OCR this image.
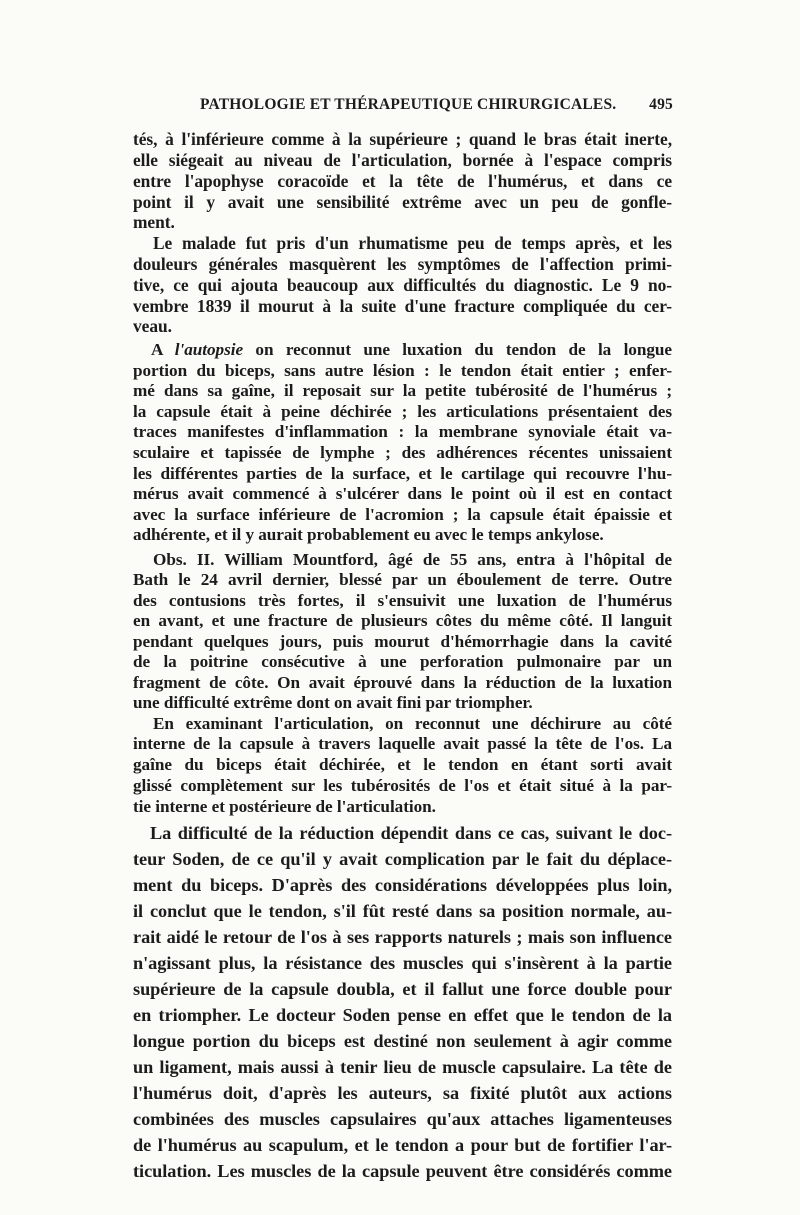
PATHOLOGIE ET THÉRAPEUTIQUE CHIRURGICALES. 495
tés, à l'inférieure comme à la supérieure ; quand le bras était inerte,
elle siégeait au niveau de l'articulation, bornée à l'espace compris
entre l'apophyse coracoïde et la tête de l'humérus, et dans ce
point il y avait une sensibilité extrême avec un peu de gonfle-
ment.
Le malade fut pris d'un rhumatisme peu de temps après, et les
douleurs générales masquèrent les symptômes de l'affection primi-
tive, ce qui ajouta beaucoup aux difficultés du diagnostic. Le 9 no-
vembre 1839 il mourut à la suite d'une fracture compliquée du cer-
veau.
A l'autopsie on reconnut une luxation du tendon de la longue
portion du biceps, sans autre lésion : le tendon était entier ; enfer-
mé dans sa gaîne, il reposait sur la petite tubérosité de l'humérus ;
la capsule était à peine déchirée ; les articulations présentaient des
traces manifestes d'inflammation : la membrane synoviale était va-
sculaire et tapissée de lymphe ; des adhérences récentes unissaient
les différentes parties de la surface, et le cartilage qui recouvre l'hu-
mérus avait commencé à s'ulcérer dans le point où il est en contact
avec la surface inférieure de l'acromion ; la capsule était épaissie et
adhérente, et il y aurait probablement eu avec le temps ankylose.
Obs. II. William Mountford, âgé de 55 ans, entra à l'hôpital de
Bath le 24 avril dernier, blessé par un éboulement de terre. Outre
des contusions très fortes, il s'ensuivit une luxation de l'humérus
en avant, et une fracture de plusieurs côtes du même côté. Il languit
pendant quelques jours, puis mourut d'hémorrhagie dans la cavité
de la poitrine consécutive à une perforation pulmonaire par un
fragment de côte. On avait éprouvé dans la réduction de la luxation
une difficulté extrême dont on avait fini par triompher.
En examinant l'articulation, on reconnut une déchirure au côté
interne de la capsule à travers laquelle avait passé la tête de l'os. La
gaîne du biceps était déchirée, et le tendon en étant sorti avait
glissé complètement sur les tubérosités de l'os et était situé à la par-
tie interne et postérieure de l'articulation.
La difficulté de la réduction dépendit dans ce cas, suivant le doc-
teur Soden, de ce qu'il y avait complication par le fait du déplace-
ment du biceps. D'après des considérations développées plus loin,
il conclut que le tendon, s'il fût resté dans sa position normale, au-
rait aidé le retour de l'os à ses rapports naturels ; mais son influence
n'agissant plus, la résistance des muscles qui s'insèrent à la partie
supérieure de la capsule doubla, et il fallut une force double pour
en triompher. Le docteur Soden pense en effet que le tendon de la
longue portion du biceps est destiné non seulement à agir comme
un ligament, mais aussi à tenir lieu de muscle capsulaire. La tête de
l'humérus doit, d'après les auteurs, sa fixité plutôt aux actions
combinées des muscles capsulaires qu'aux attaches ligamenteuses
de l'humérus au scapulum, et le tendon a pour but de fortifier l'ar-
ticulation. Les muscles de la capsule peuvent être considérés comme
